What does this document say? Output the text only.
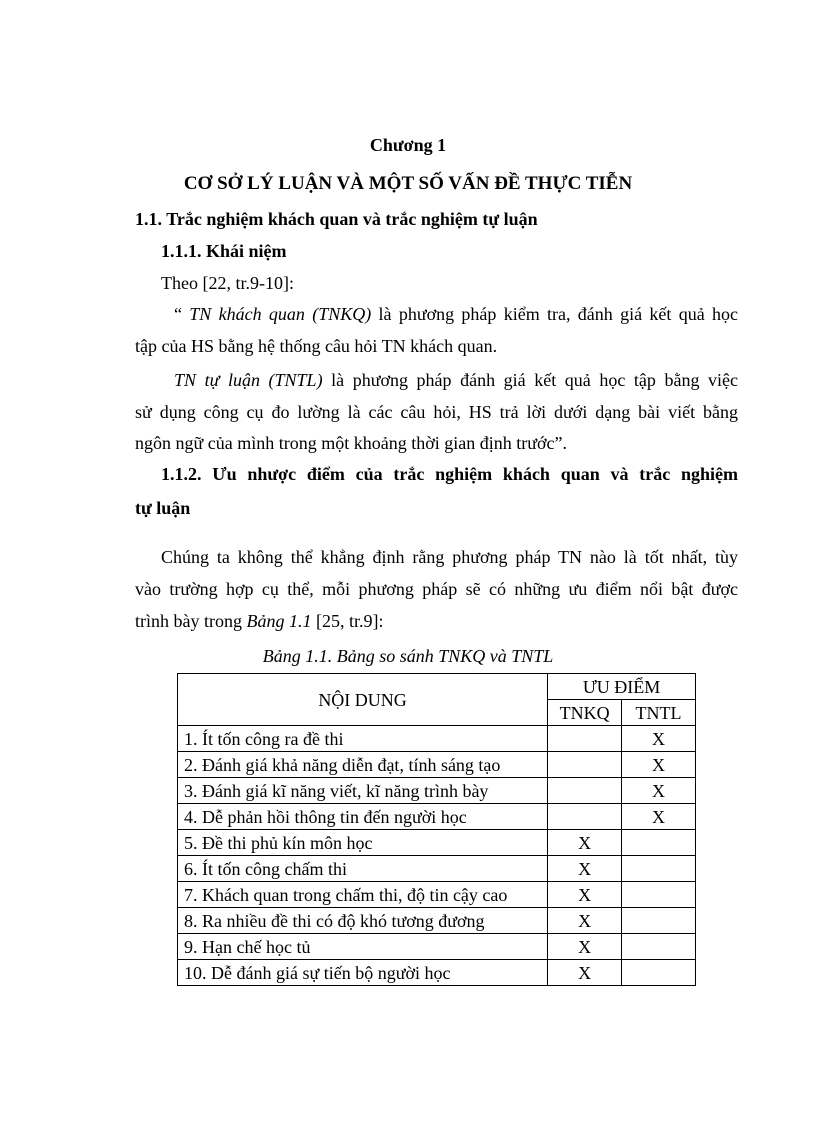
Chương 1
CƠ SỞ LÝ LUẬN VÀ MỘT SỐ VẤN ĐỀ THỰC TIỄN
1.1. Trắc nghiệm khách quan và trắc nghiệm tự luận
1.1.1. Khái niệm
Theo [22, tr.9-10]:
“ TN khách quan (TNKQ) là phương pháp kiểm tra, đánh giá kết quả học
tập của HS bằng hệ thống câu hỏi TN khách quan.
TN tự luận (TNTL) là phương pháp đánh giá kết quả học tập bằng việc
sử dụng công cụ đo lường là các câu hỏi, HS trả lời dưới dạng bài viết bằng
ngôn ngữ của mình trong một khoảng thời gian định trước”.
1.1.2. Ưu nhược điểm của trắc nghiệm khách quan và trắc nghiệm
tự luận
Chúng ta không thể khẳng định rằng phương pháp TN nào là tốt nhất, tùy
vào trường hợp cụ thể, mỗi phương pháp sẽ có những ưu điểm nổi bật được
trình bày trong Bảng 1.1 [25, tr.9]:
Bảng 1.1. Bảng so sánh TNKQ và TNTL
NỘI DUNG	ƯU ĐIỂM	
	TNKQ	TNTL
1. Ít tốn công ra đề thi		X
2. Đánh giá khả năng diễn đạt, tính sáng tạo		X
3. Đánh giá kĩ năng viết, kĩ năng trình bày		X
4. Dễ phản hồi thông tin đến người học		X
5. Đề thi phủ kín môn học	X	
6. Ít tốn công chấm thi	X	
7. Khách quan trong chấm thi, độ tin cậy cao	X	
8. Ra nhiều đề thi có độ khó tương đương	X	
9. Hạn chế học tủ	X	
10. Dễ đánh giá sự tiến bộ người học	X	
